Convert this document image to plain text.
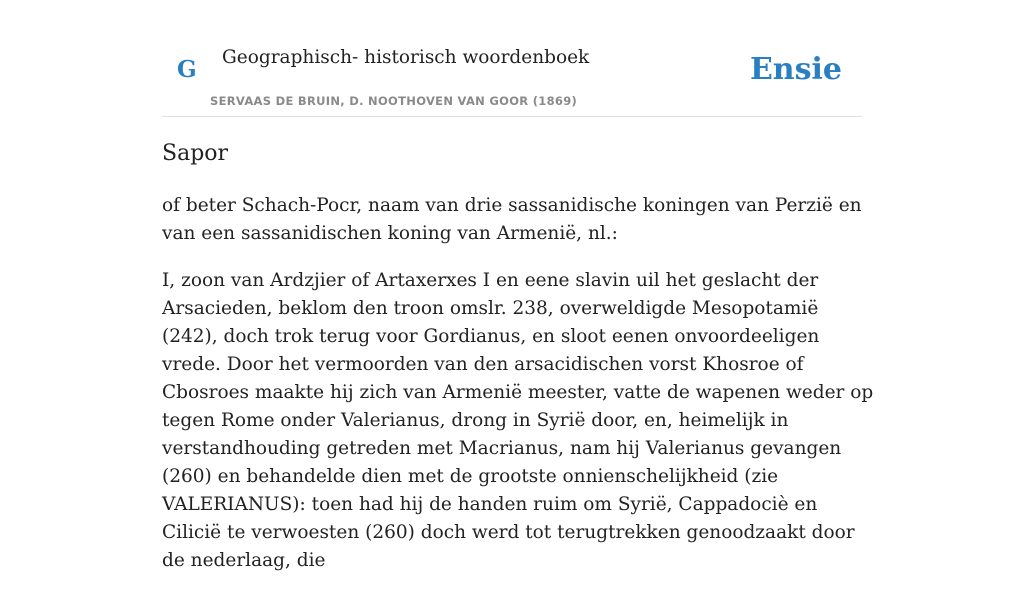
G Geographisch- historisch woordenboek
SERVAAS DE BRUIN, D. NOOTHOVEN VAN GOOR (1869)
Ensie
Sapor

of beter Schach-Pocr, naam van drie sassanidische koningen van Perzië en van een sassanidischen koning van Armenië, nl.:

I, zoon van Ardzjier of Artaxerxes I en eene slavin uil het geslacht der Arsacieden, beklom den troon omslr. 238, overweldigde Mesopotamië (242), doch trok terug voor Gordianus, en sloot eenen onvoordeeligen vrede. Door het vermoorden van den arsacidischen vorst Khosroe of Cbosroes maakte hij zich van Armenië meester, vatte de wapenen weder op tegen Rome onder Valerianus, drong in Syrië door, en, heimelijk in verstandhouding getreden met Macrianus, nam hij Valerianus gevangen (260) en behandelde dien met de grootste onnienschelijkheid (zie VALERIANUS): toen had hij de handen ruim om Syrië, Cappadociè en Cilicië te verwoesten (260) doch werd tot terugtrekken genoodzaakt door de nederlaag, die
